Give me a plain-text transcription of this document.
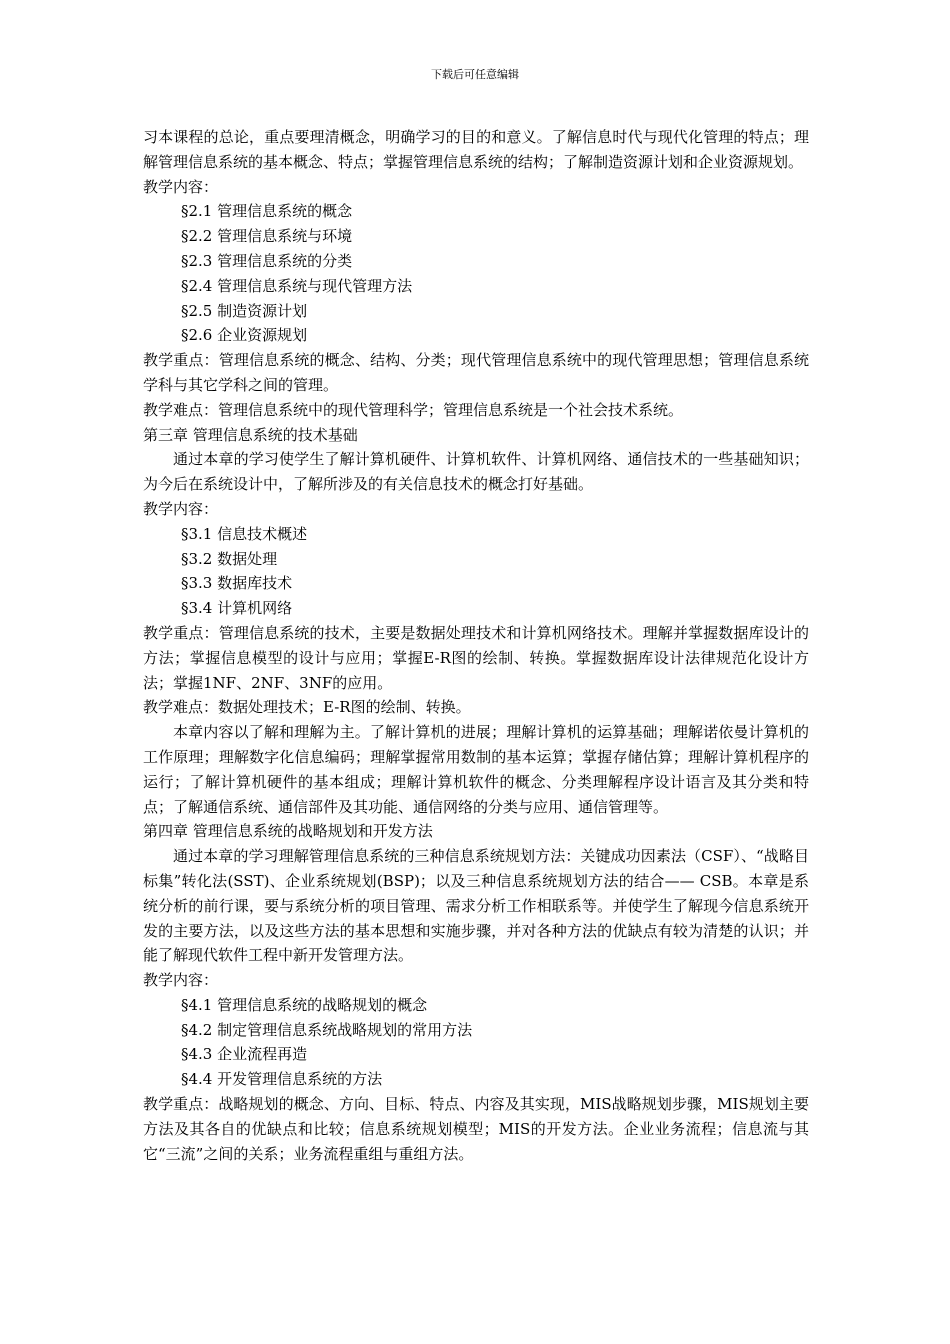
下载后可任意编辑

习本课程的总论，重点要理清概念，明确学习的目的和意义。了解信息时代与现代化管理的特点；理解管理信息系统的基本概念、特点；掌握管理信息系统的结构；了解制造资源计划和企业资源规划。

教学内容：

§2.1 管理信息系统的概念

§2.2 管理信息系统与环境

§2.3 管理信息系统的分类

§2.4 管理信息系统与现代管理方法

§2.5 制造资源计划

§2.6 企业资源规划

教学重点：管理信息系统的概念、结构、分类；现代管理信息系统中的现代管理思想；管理信息系统学科与其它学科之间的管理。

教学难点：管理信息系统中的现代管理科学；管理信息系统是一个社会技术系统。

第三章 管理信息系统的技术基础

通过本章的学习使学生了解计算机硬件、计算机软件、计算机网络、通信技术的一些基础知识；为今后在系统设计中，了解所涉及的有关信息技术的概念打好基础。

教学内容：

§3.1 信息技术概述

§3.2 数据处理

§3.3 数据库技术

§3.4 计算机网络

教学重点：管理信息系统的技术，主要是数据处理技术和计算机网络技术。理解并掌握数据库设计的方法；掌握信息模型的设计与应用；掌握E-R图的绘制、转换。掌握数据库设计法律规范化设计方法；掌握1NF、2NF、3NF的应用。

教学难点：数据处理技术；E-R图的绘制、转换。

本章内容以了解和理解为主。了解计算机的进展；理解计算机的运算基础；理解诺依曼计算机的工作原理；理解数字化信息编码；理解掌握常用数制的基本运算；掌握存储估算；理解计算机程序的运行；了解计算机硬件的基本组成；理解计算机软件的概念、分类理解程序设计语言及其分类和特点；了解通信系统、通信部件及其功能、通信网络的分类与应用、通信管理等。

第四章 管理信息系统的战略规划和开发方法

通过本章的学习理解管理信息系统的三种信息系统规划方法：关键成功因素法（CSF）、“战略目标集”转化法(SST)、企业系统规划(BSP)；以及三种信息系统规划方法的结合—— CSB。本章是系统分析的前行课，要与系统分析的项目管理、需求分析工作相联系等。并使学生了解现今信息系统开发的主要方法，以及这些方法的基本思想和实施步骤，并对各种方法的优缺点有较为清楚的认识；并能了解现代软件工程中新开发管理方法。

教学内容：

§4.1 管理信息系统的战略规划的概念

§4.2 制定管理信息系统战略规划的常用方法

§4.3 企业流程再造

§4.4 开发管理信息系统的方法

教学重点：战略规划的概念、方向、目标、特点、内容及其实现，MIS战略规划步骤，MIS规划主要方法及其各自的优缺点和比较；信息系统规划模型；MIS的开发方法。企业业务流程；信息流与其它“三流”之间的关系；业务流程重组与重组方法。
